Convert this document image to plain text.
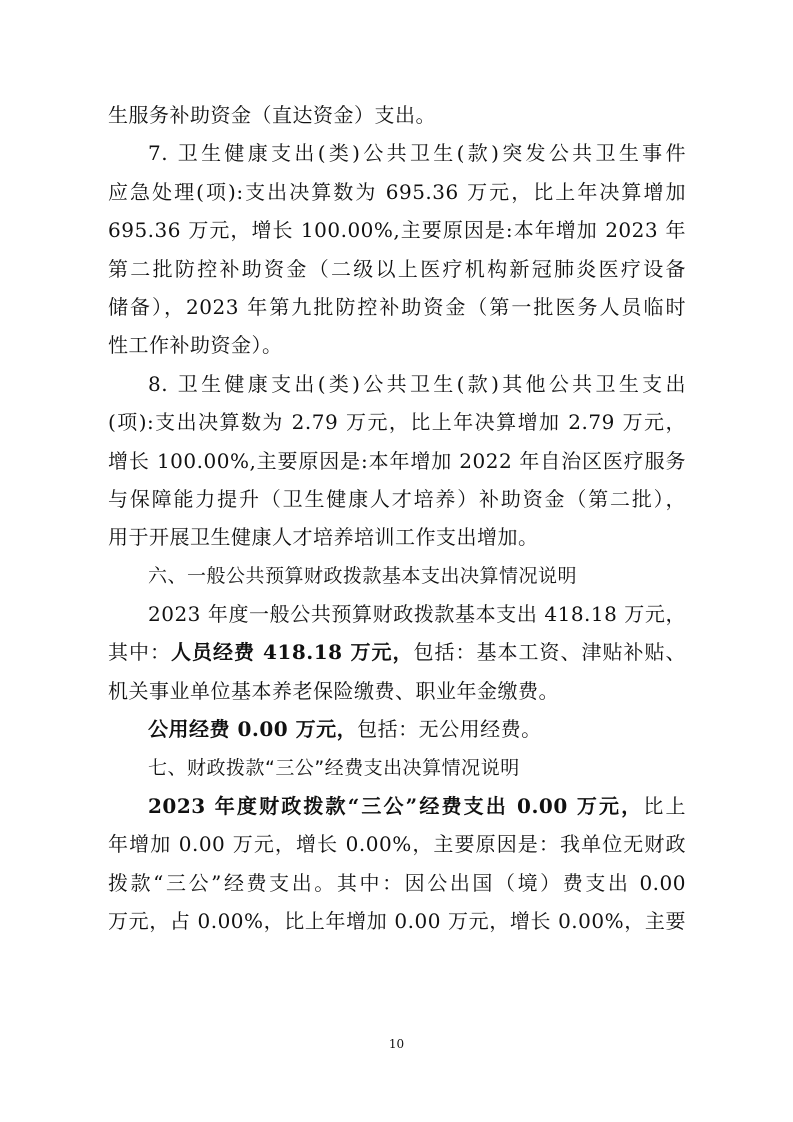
生服务补助资金（直达资金）支出。
7. 卫生健康支出(类)公共卫生(款)突发公共卫生事件
应急处理(项):支出决算数为 695.36 万元，比上年决算增加
695.36 万元，增长 100.00%,主要原因是:本年增加 2023 年
第二批防控补助资金（二级以上医疗机构新冠肺炎医疗设备
储备），2023 年第九批防控补助资金（第一批医务人员临时
性工作补助资金）。
8. 卫生健康支出(类)公共卫生(款)其他公共卫生支出
(项):支出决算数为 2.79 万元，比上年决算增加 2.79 万元，
增长 100.00%,主要原因是:本年增加 2022 年自治区医疗服务
与保障能力提升（卫生健康人才培养）补助资金（第二批），
用于开展卫生健康人才培养培训工作支出增加。
六、一般公共预算财政拨款基本支出决算情况说明
2023 年度一般公共预算财政拨款基本支出 418.18 万元，
其中：人员经费 418.18 万元，包括：基本工资、津贴补贴、
机关事业单位基本养老保险缴费、职业年金缴费。
公用经费 0.00 万元，包括：无公用经费。
七、财政拨款“三公”经费支出决算情况说明
2023 年度财政拨款“三公”经费支出 0.00 万元，比上
年增加 0.00 万元，增长 0.00%，主要原因是：我单位无财政
拨款“三公”经费支出。其中：因公出国（境）费支出 0.00
万元，占 0.00%，比上年增加 0.00 万元，增长 0.00%，主要
10
